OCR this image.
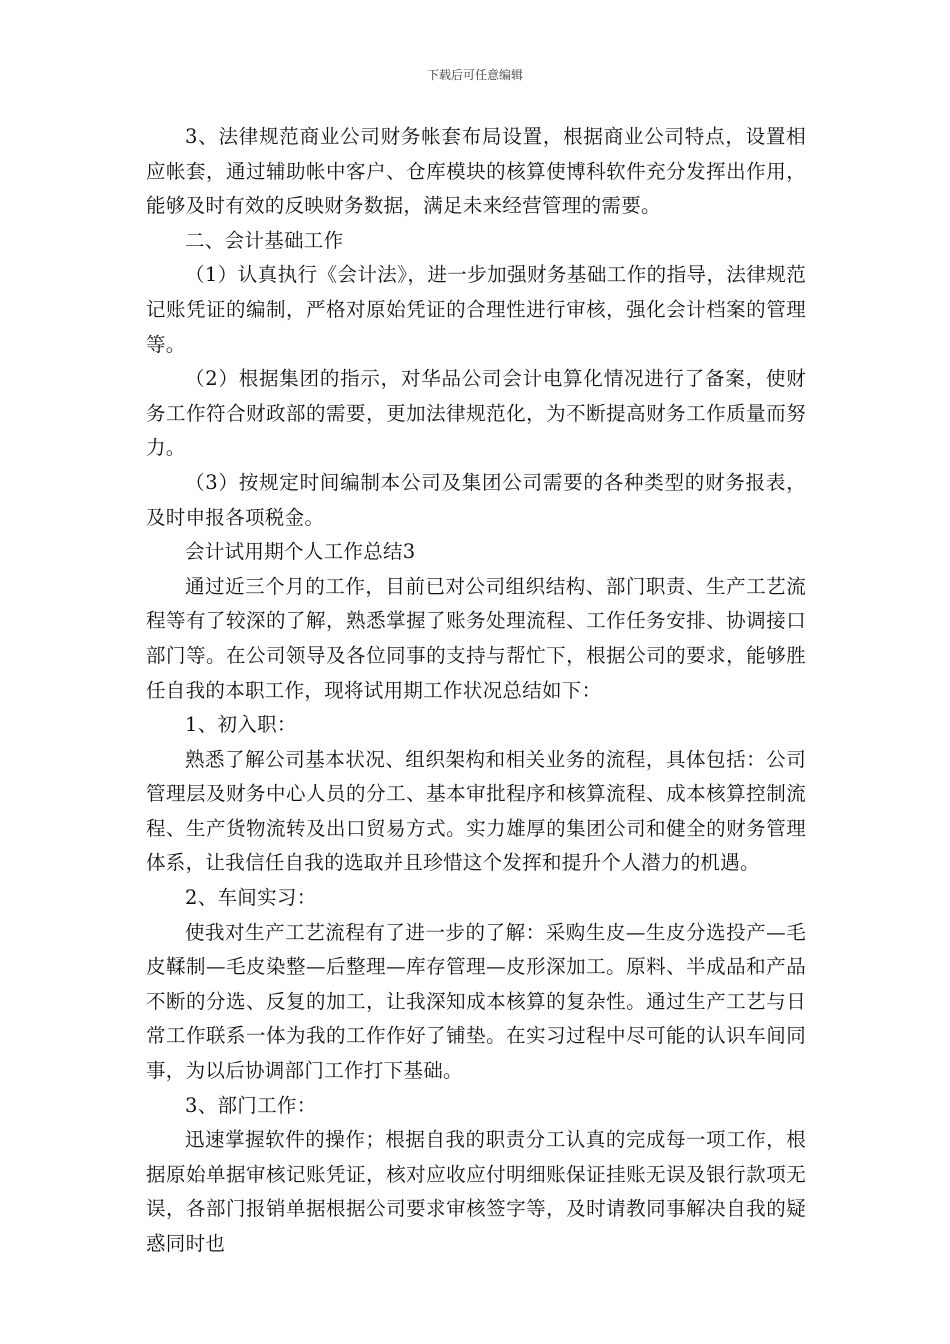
下载后可任意编辑

3、法律规范商业公司财务帐套布局设置，根据商业公司特点，设置相应帐套，通过辅助帐中客户、仓库模块的核算使博科软件充分发挥出作用，能够及时有效的反映财务数据，满足未来经营管理的需要。

二、会计基础工作

（1）认真执行《会计法》，进一步加强财务基础工作的指导，法律规范记账凭证的编制，严格对原始凭证的合理性进行审核，强化会计档案的管理等。

（2）根据集团的指示，对华品公司会计电算化情况进行了备案，使财务工作符合财政部的需要，更加法律规范化，为不断提高财务工作质量而努力。

（3）按规定时间编制本公司及集团公司需要的各种类型的财务报表，及时申报各项税金。

会计试用期个人工作总结3

通过近三个月的工作，目前已对公司组织结构、部门职责、生产工艺流程等有了较深的了解，熟悉掌握了账务处理流程、工作任务安排、协调接口部门等。在公司领导及各位同事的支持与帮忙下，根据公司的要求，能够胜任自我的本职工作，现将试用期工作状况总结如下：

1、初入职：

熟悉了解公司基本状况、组织架构和相关业务的流程，具体包括：公司管理层及财务中心人员的分工、基本审批程序和核算流程、成本核算控制流程、生产货物流转及出口贸易方式。实力雄厚的集团公司和健全的财务管理体系，让我信任自我的选取并且珍惜这个发挥和提升个人潜力的机遇。

2、车间实习：

使我对生产工艺流程有了进一步的了解：采购生皮—生皮分选投产—毛皮鞣制—毛皮染整—后整理—库存管理—皮形深加工。原料、半成品和产品不断的分选、反复的加工，让我深知成本核算的复杂性。通过生产工艺与日常工作联系一体为我的工作作好了铺垫。在实习过程中尽可能的认识车间同事，为以后协调部门工作打下基础。

3、部门工作：

迅速掌握软件的操作；根据自我的职责分工认真的完成每一项工作，根据原始单据审核记账凭证，核对应收应付明细账保证挂账无误及银行款项无误，各部门报销单据根据公司要求审核签字等，及时请教同事解决自我的疑惑同时也
